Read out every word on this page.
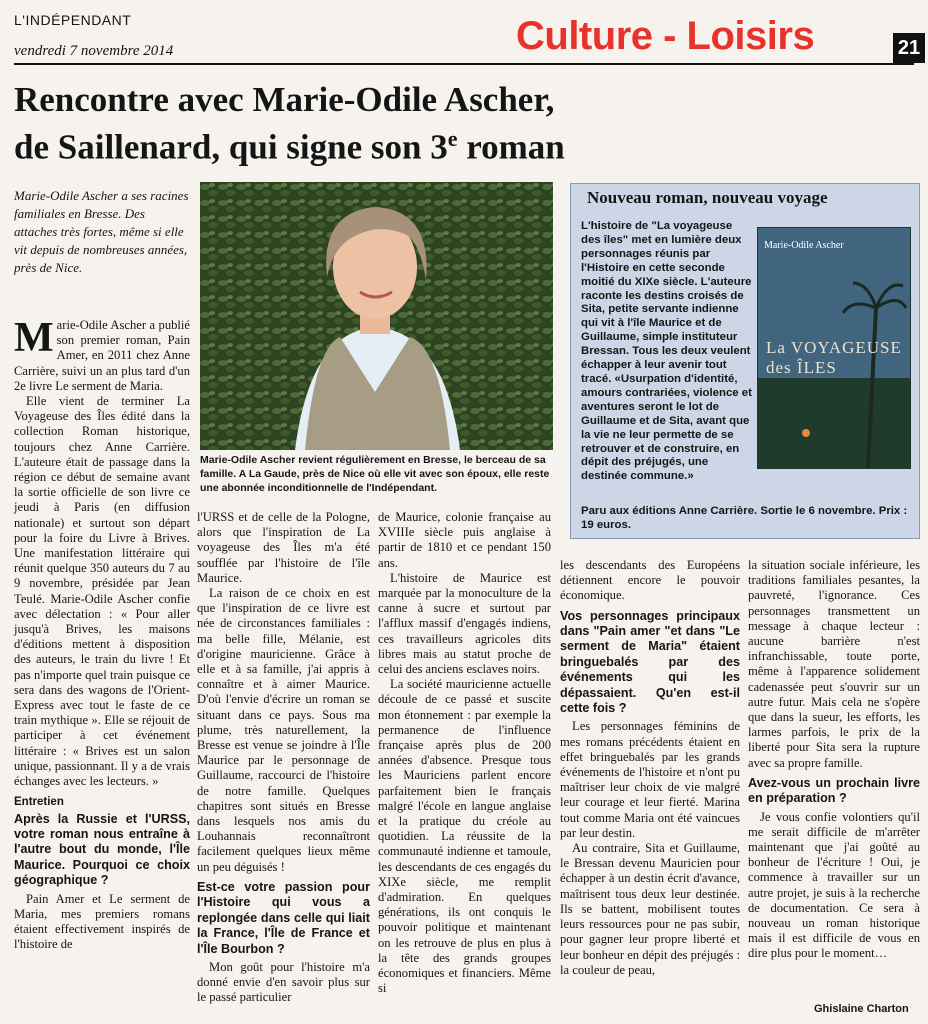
L'INDÉPENDANT
vendredi 7 novembre 2014	Culture - Loisirs	21
Rencontre avec Marie-Odile Ascher,
de Saillenard, qui signe son 3e roman
Marie-Odile Ascher a ses racines familiales en Bresse. Des attaches très fortes, même si elle vit depuis de nombreuses années, près de Nice.
Marie-Odile Ascher revient régulièrement en Bresse, le berceau de sa famille. A La Gaude, près de Nice où elle vit avec son époux, elle reste une abonnée inconditionnelle de l'Indépendant.
Nouveau roman, nouveau voyage
L'histoire de "La voyageuse des îles" met en lumière deux personnages réunis par l'Histoire en cette seconde moitié du XIXe siècle. L'auteure raconte les destins croisés de Sita, petite servante indienne qui vit à l'île Maurice et de Guillaume, simple instituteur Bressan. Tous les deux veulent échapper à leur avenir tout tracé. «Usurpation d'identité, amours contrariées, violence et aventures seront le lot de Guillaume et de Sita, avant que la vie ne leur permette de se retrouver et de construire, en dépit des préjugés, une destinée commune.»
Marie-Odile Ascher
La VOYAGEUSE des ÎLES
Paru aux éditions Anne Carrière. Sortie le 6 novembre. Prix : 19 euros.

Marie-Odile Ascher a publié son premier roman, Pain Amer, en 2011 chez Anne Carrière, suivi un an plus tard d'un 2e livre Le serment de Maria.

Elle vient de terminer La Voyageuse des Îles édité dans la collection Roman historique, toujours chez Anne Carrière. L'auteure était de passage dans la région ce début de semaine avant la sortie officielle de son livre ce jeudi à Paris (en diffusion nationale) et surtout son départ pour la foire du Livre à Brives. Une manifestation littéraire qui réunit quelque 350 auteurs du 7 au 9 novembre, présidée par Jean Teulé. Marie-Odile Ascher confie avec délectation : « Pour aller jusqu'à Brives, les maisons d'éditions mettent à disposition des auteurs, le train du livre ! Et pas n'importe quel train puisque ce sera dans des wagons de l'Orient-Express avec tout le faste de ce train mythique ». Elle se réjouit de participer à cet événement littéraire : « Brives est un salon unique, passionnant. Il y a de vrais échanges avec les lecteurs. »

Entretien
Après la Russie et l'URSS, votre roman nous entraîne à l'autre bout du monde, l'Île Maurice. Pourquoi ce choix géographique ?

Pain Amer et Le serment de Maria, mes premiers romans étaient effectivement inspirés de l'histoire de

l'URSS et de celle de la Pologne, alors que l'inspiration de La voyageuse des Îles m'a été soufflée par l'histoire de l'île Maurice.

La raison de ce choix en est que l'inspiration de ce livre est née de circonstances familiales : ma belle fille, Mélanie, est d'origine mauricienne. Grâce à elle et à sa famille, j'ai appris à connaître et à aimer Maurice. D'où l'envie d'écrire un roman se situant dans ce pays. Sous ma plume, très naturellement, la Bresse est venue se joindre à l'Île Maurice par le personnage de Guillaume, raccourci de l'histoire de notre famille. Quelques chapitres sont situés en Bresse dans lesquels nos amis du Louhannais reconnaîtront facilement quelques lieux même un peu déguisés !

Est-ce votre passion pour l'Histoire qui vous a replongée dans celle qui liait la France, l'Île de France et l'Île Bourbon ?

Mon goût pour l'histoire m'a donné envie d'en savoir plus sur le passé particulier

de Maurice, colonie française au XVIIIe siècle puis anglaise à partir de 1810 et ce pendant 150 ans.

L'histoire de Maurice est marquée par la monoculture de la canne à sucre et surtout par l'afflux massif d'engagés indiens, ces travailleurs agricoles dits libres mais au statut proche de celui des anciens esclaves noirs.

La société mauricienne actuelle découle de ce passé et suscite mon étonnement : par exemple la permanence de l'influence française après plus de 200 années d'absence. Presque tous les Mauriciens parlent encore parfaitement bien le français malgré l'école en langue anglaise et la pratique du créole au quotidien. La réussite de la communauté indienne et tamoule, les descendants de ces engagés du XIXe siècle, me remplit d'admiration. En quelques générations, ils ont conquis le pouvoir politique et maintenant on les retrouve de plus en plus à la tête des grands groupes économiques et financiers. Même si

les descendants des Européens détiennent encore le pouvoir économique.

Vos personnages principaux dans "Pain amer "et dans "Le serment de Maria" étaient bringuebalés par des événements qui les dépassaient. Qu'en est-il cette fois ?

Les personnages féminins de mes romans précédents étaient en effet bringuebalés par les grands événements de l'histoire et n'ont pu maîtriser leur choix de vie malgré leur courage et leur fierté. Marina tout comme Maria ont été vaincues par leur destin.

Au contraire, Sita et Guillaume, le Bressan devenu Mauricien pour échapper à un destin écrit d'avance, maîtrisent tous deux leur destinée. Ils se battent, mobilisent toutes leurs ressources pour ne pas subir, pour gagner leur propre liberté et leur bonheur en dépit des préjugés : la couleur de peau,

la situation sociale inférieure, les traditions familiales pesantes, la pauvreté, l'ignorance. Ces personnages transmettent un message à chaque lecteur : aucune barrière n'est infranchissable, toute porte, même à l'apparence solidement cadenassée peut s'ouvrir sur un autre futur. Mais cela ne s'opère que dans la sueur, les efforts, les larmes parfois, le prix de la liberté pour Sita sera la rupture avec sa propre famille.

Avez-vous un prochain livre en préparation ?

Je vous confie volontiers qu'il me serait difficile de m'arrêter maintenant que j'ai goûté au bonheur de l'écriture ! Oui, je commence à travailler sur un autre projet, je suis à la recherche de documentation. Ce sera à nouveau un roman historique mais il est difficile de vous en dire plus pour le moment…

Ghislaine Charton
